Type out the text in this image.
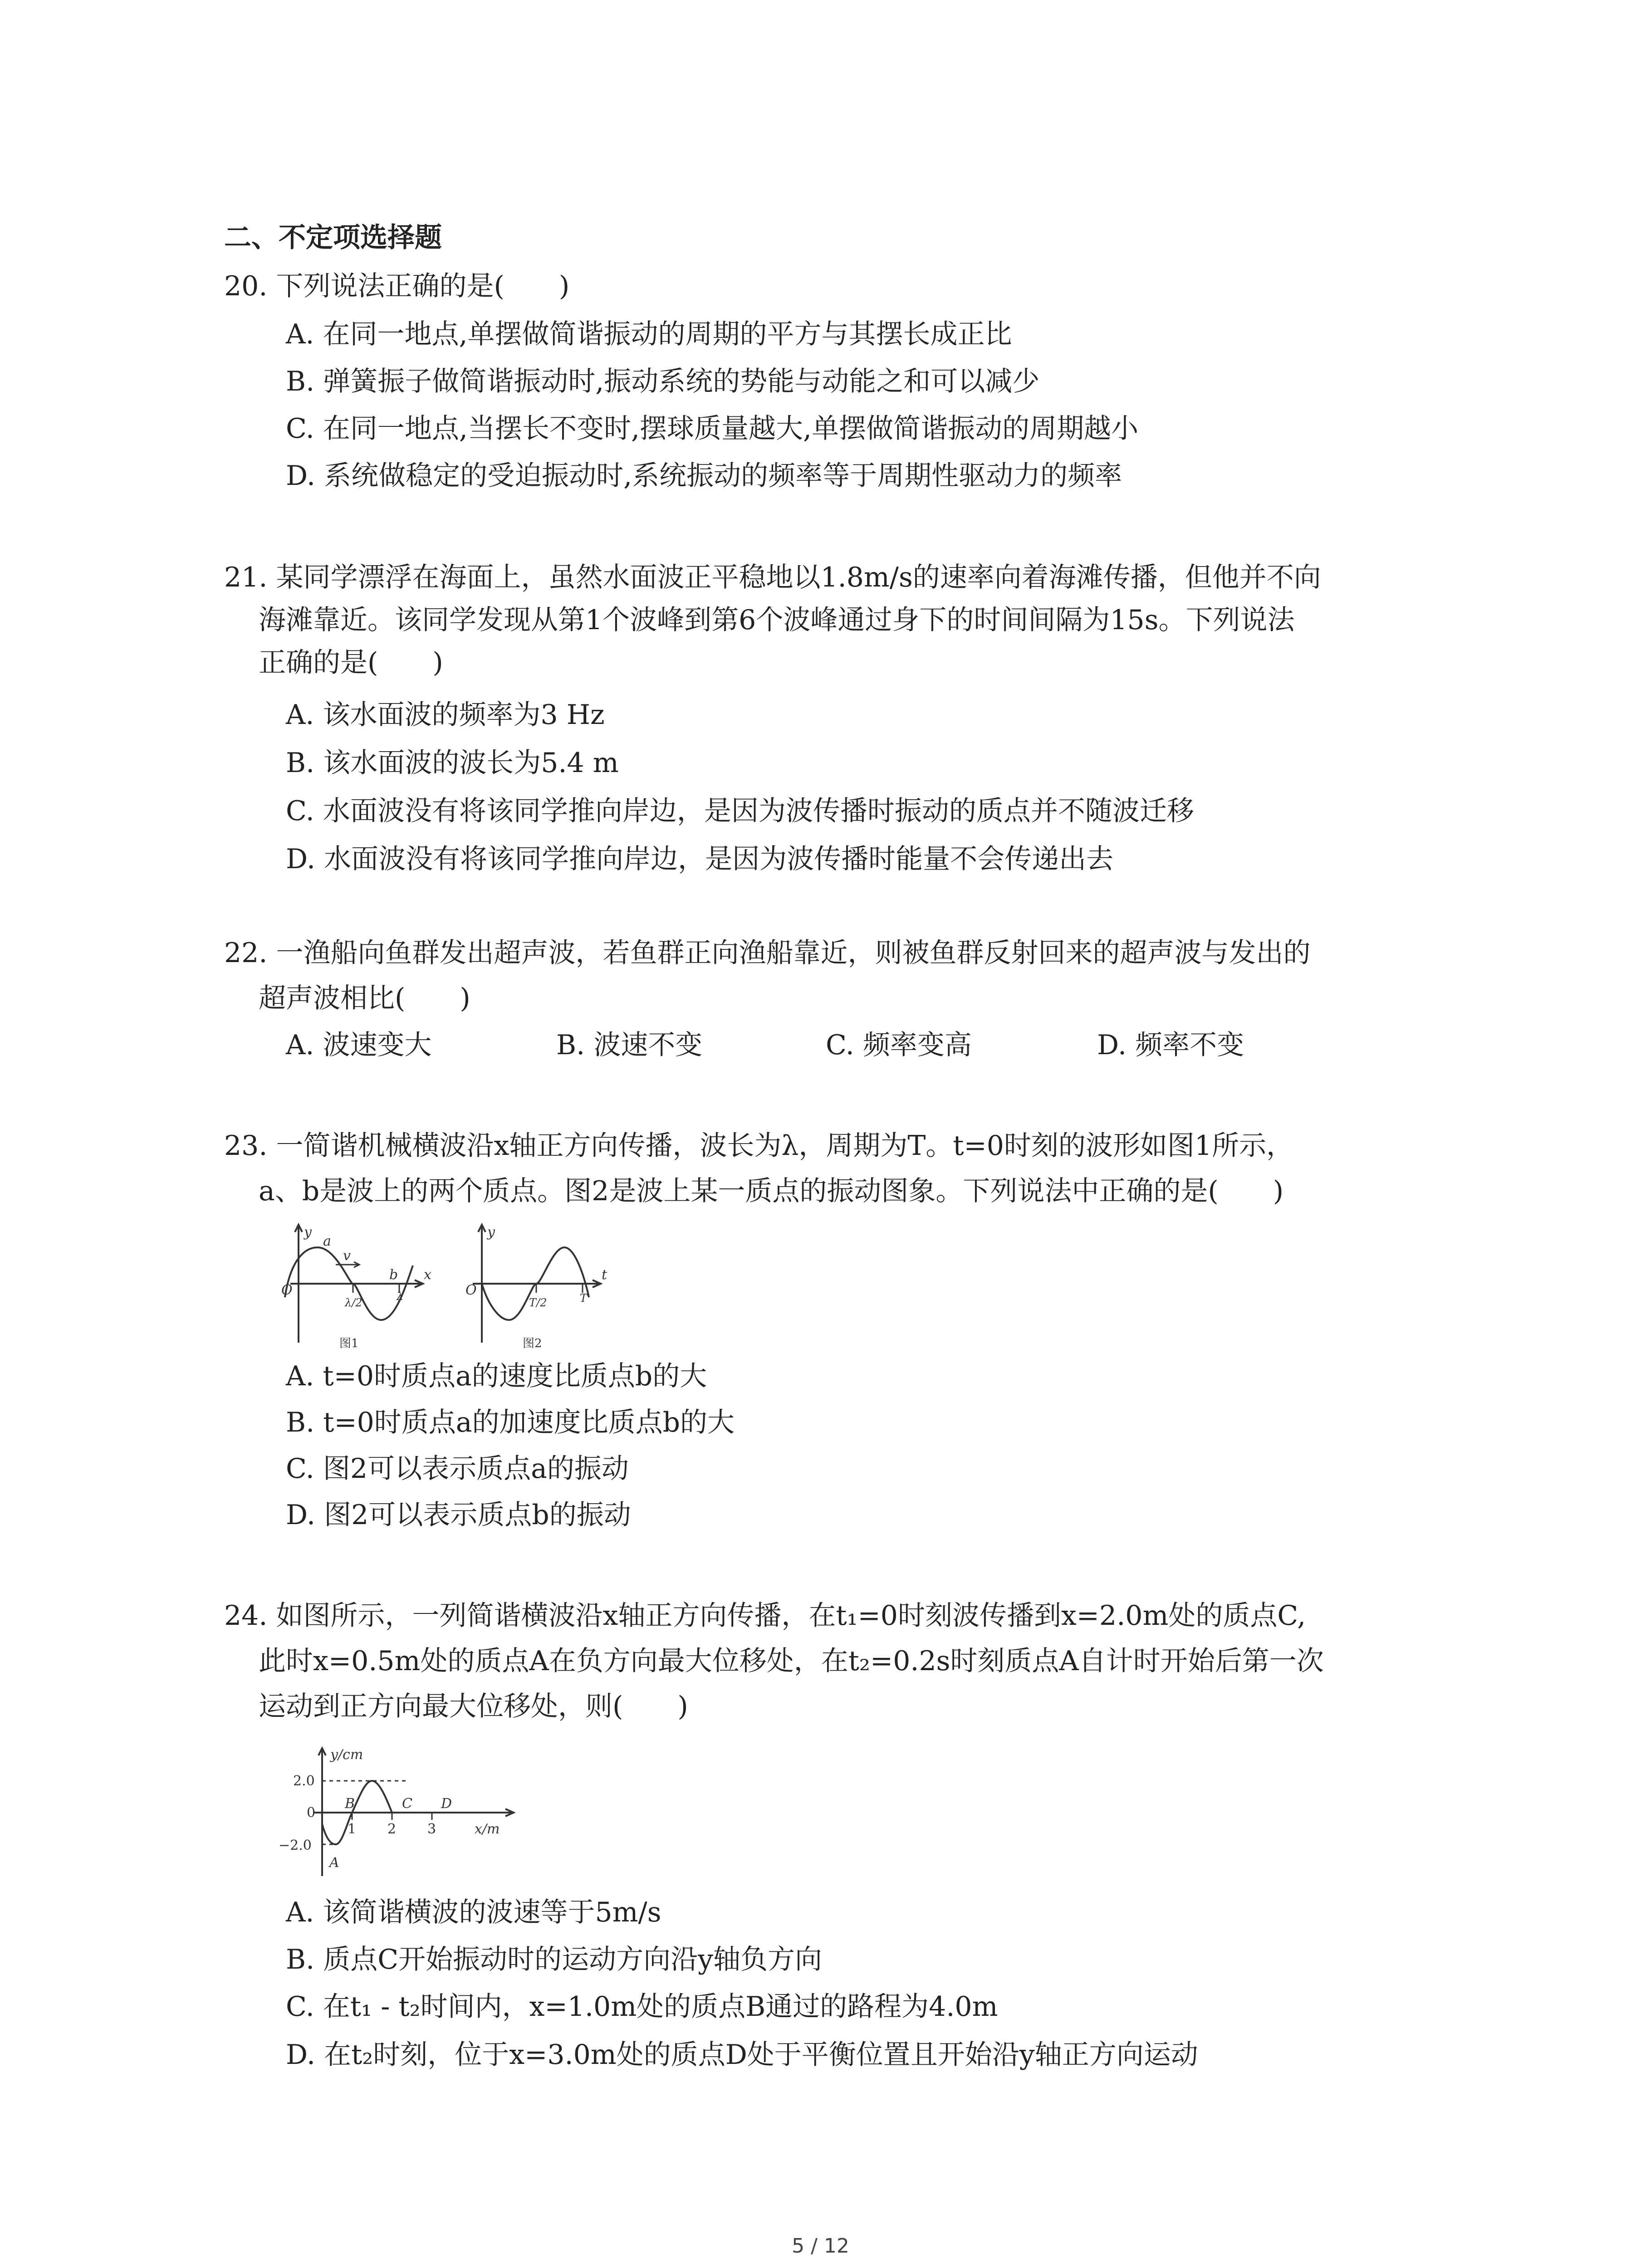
二、不定项选择题
20. 下列说法正确的是(　　)
A. 在同一地点,单摆做简谐振动的周期的平方与其摆长成正比
B. 弹簧振子做简谐振动时,振动系统的势能与动能之和可以减少
C. 在同一地点,当摆长不变时,摆球质量越大,单摆做简谐振动的周期越小
D. 系统做稳定的受迫振动时,系统振动的频率等于周期性驱动力的频率
21. 某同学漂浮在海面上，虽然水面波正平稳地以1.8m/s的速率向着海滩传播，但他并不向
海滩靠近。该同学发现从第1个波峰到第6个波峰通过身下的时间间隔为15s。下列说法
正确的是(　　)
A. 该水面波的频率为3 Hz
B. 该水面波的波长为5.4 m
C. 水面波没有将该同学推向岸边，是因为波传播时振动的质点并不随波迁移
D. 水面波没有将该同学推向岸边，是因为波传播时能量不会传递出去
22. 一渔船向鱼群发出超声波，若鱼群正向渔船靠近，则被鱼群反射回来的超声波与发出的
超声波相比(　　)
A. 波速变大	B. 波速不变	C. 频率变高	D. 频率不变
23. 一简谐机械横波沿x轴正方向传播，波长为λ，周期为T。t=0时刻的波形如图1所示，
a、b是波上的两个质点。图2是波上某一质点的振动图象。下列说法中正确的是(　　)
y
a
v
b x
O
λ/2	λ
图1
y
t
O
T/2	T
图2
A. t=0时质点a的速度比质点b的大
B. t=0时质点a的加速度比质点b的大
C. 图2可以表示质点a的振动
D. 图2可以表示质点b的振动
24. 如图所示，一列简谐横波沿x轴正方向传播，在t₁=0时刻波传播到x=2.0m处的质点C,
此时x=0.5m处的质点A在负方向最大位移处，在t₂=0.2s时刻质点A自计时开始后第一次
运动到正方向最大位移处，则(　　)
y/cm
2.0
0
−2.0
1 2 3	x/m
A
B	C D
A. 该简谐横波的波速等于5m/s
B. 质点C开始振动时的运动方向沿y轴负方向
C. 在t₁ - t₂时间内，x=1.0m处的质点B通过的路程为4.0m
D. 在t₂时刻，位于x=3.0m处的质点D处于平衡位置且开始沿y轴正方向运动
5 / 12
